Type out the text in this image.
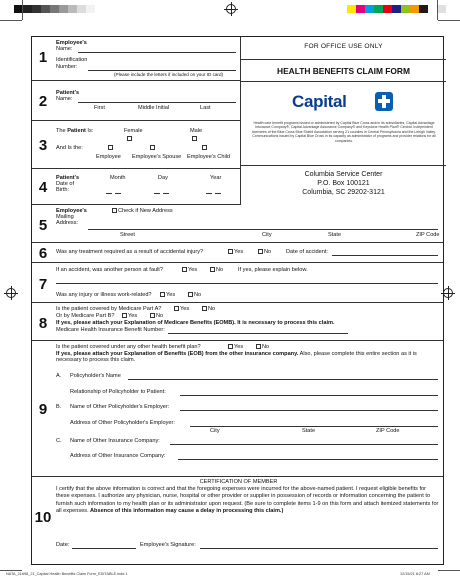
FOR OFFICE USE ONLY
HEALTH BENEFITS CLAIM FORM
Capital
Health care benefit programs issued or administered by Capital Blue Cross and/or its subsidiaries, Capital Advantage Insurance Company®, Capital Advantage Assurance Company® and Keystone Health Plan® Central. Independent licensees of the Blue Cross Blue Shield Association serving 21 counties in Central Pennsylvania and the Lehigh Valley. Communications issued by Capital Blue Cross in its capacity as administrator of programs and provider relations for all companies.
Columbia Service Center
P.O. Box 100121
Columbia, SC 29202-3121
1
Employee's
Name:
Identification
Number:
(Please include the letters if included on your ID card)
2	Patient's
Name:
First	Middle Initial	Last
3
The Patient Is:	Female	Male
And Is the:
Employee Employee's Spouse Employee's Child
4
Patient's
Date of
Birth:
Month	Day	Year
5
Employee's
Mailing
Address:
Check if New Address
Street	City	State	ZIP Code
6	Was any treatment required as a result of accidental injury?	Yes	No	Date of accident:
7
If an accident, was another person at fault?	Yes	No	If yes, please explain below.
Was any injury or illness work-related?	Yes	No
8
Is the patient covered by Medicare Part A?	Yes	No
Or by Medicare Part B?	Yes	No
If yes, please attach your Explanation of Medicare Benefits (EOMB). It is necessary to process this claim.
Medicare Health Insurance Benefit Number:
9
Is the patient covered under any other health benefit plan?	Yes	No
If yes, please attach your Explanation of Benefits (EOB) from the other insurance company. Also, please complete this entire section as it is necessary to process this claim.
A. Policyholder's Name
Relationship of Policyholder to Patient:
B. Name of Other Policyholder's Employer:
Address of Other Policyholder's Employer:
City	State	ZIP Code
C. Name of Other Insurance Company:
Address of Other Insurance Company:
10
CERTIFICATION OF MEMBER
I certify that the above information is correct and that the foregoing expenses were incurred for the above-named patient. I request eligible benefits for these expenses. I authorize any physician, nurse, hospital or other provider or supplier in possession of records or information concerning the patient to furnish such information to my health plan or its administrator upon request. (Be sure to complete items 1-9 on this form and attach itemized statements for all expenses. Absence of this information may cause a delay in processing this claim.)
Date:	Employee's Signature:
NATA_21698_21_Capital Health Benefits Claim Form_EDITABLE.indd 1	12/15/21 8:27 AM
